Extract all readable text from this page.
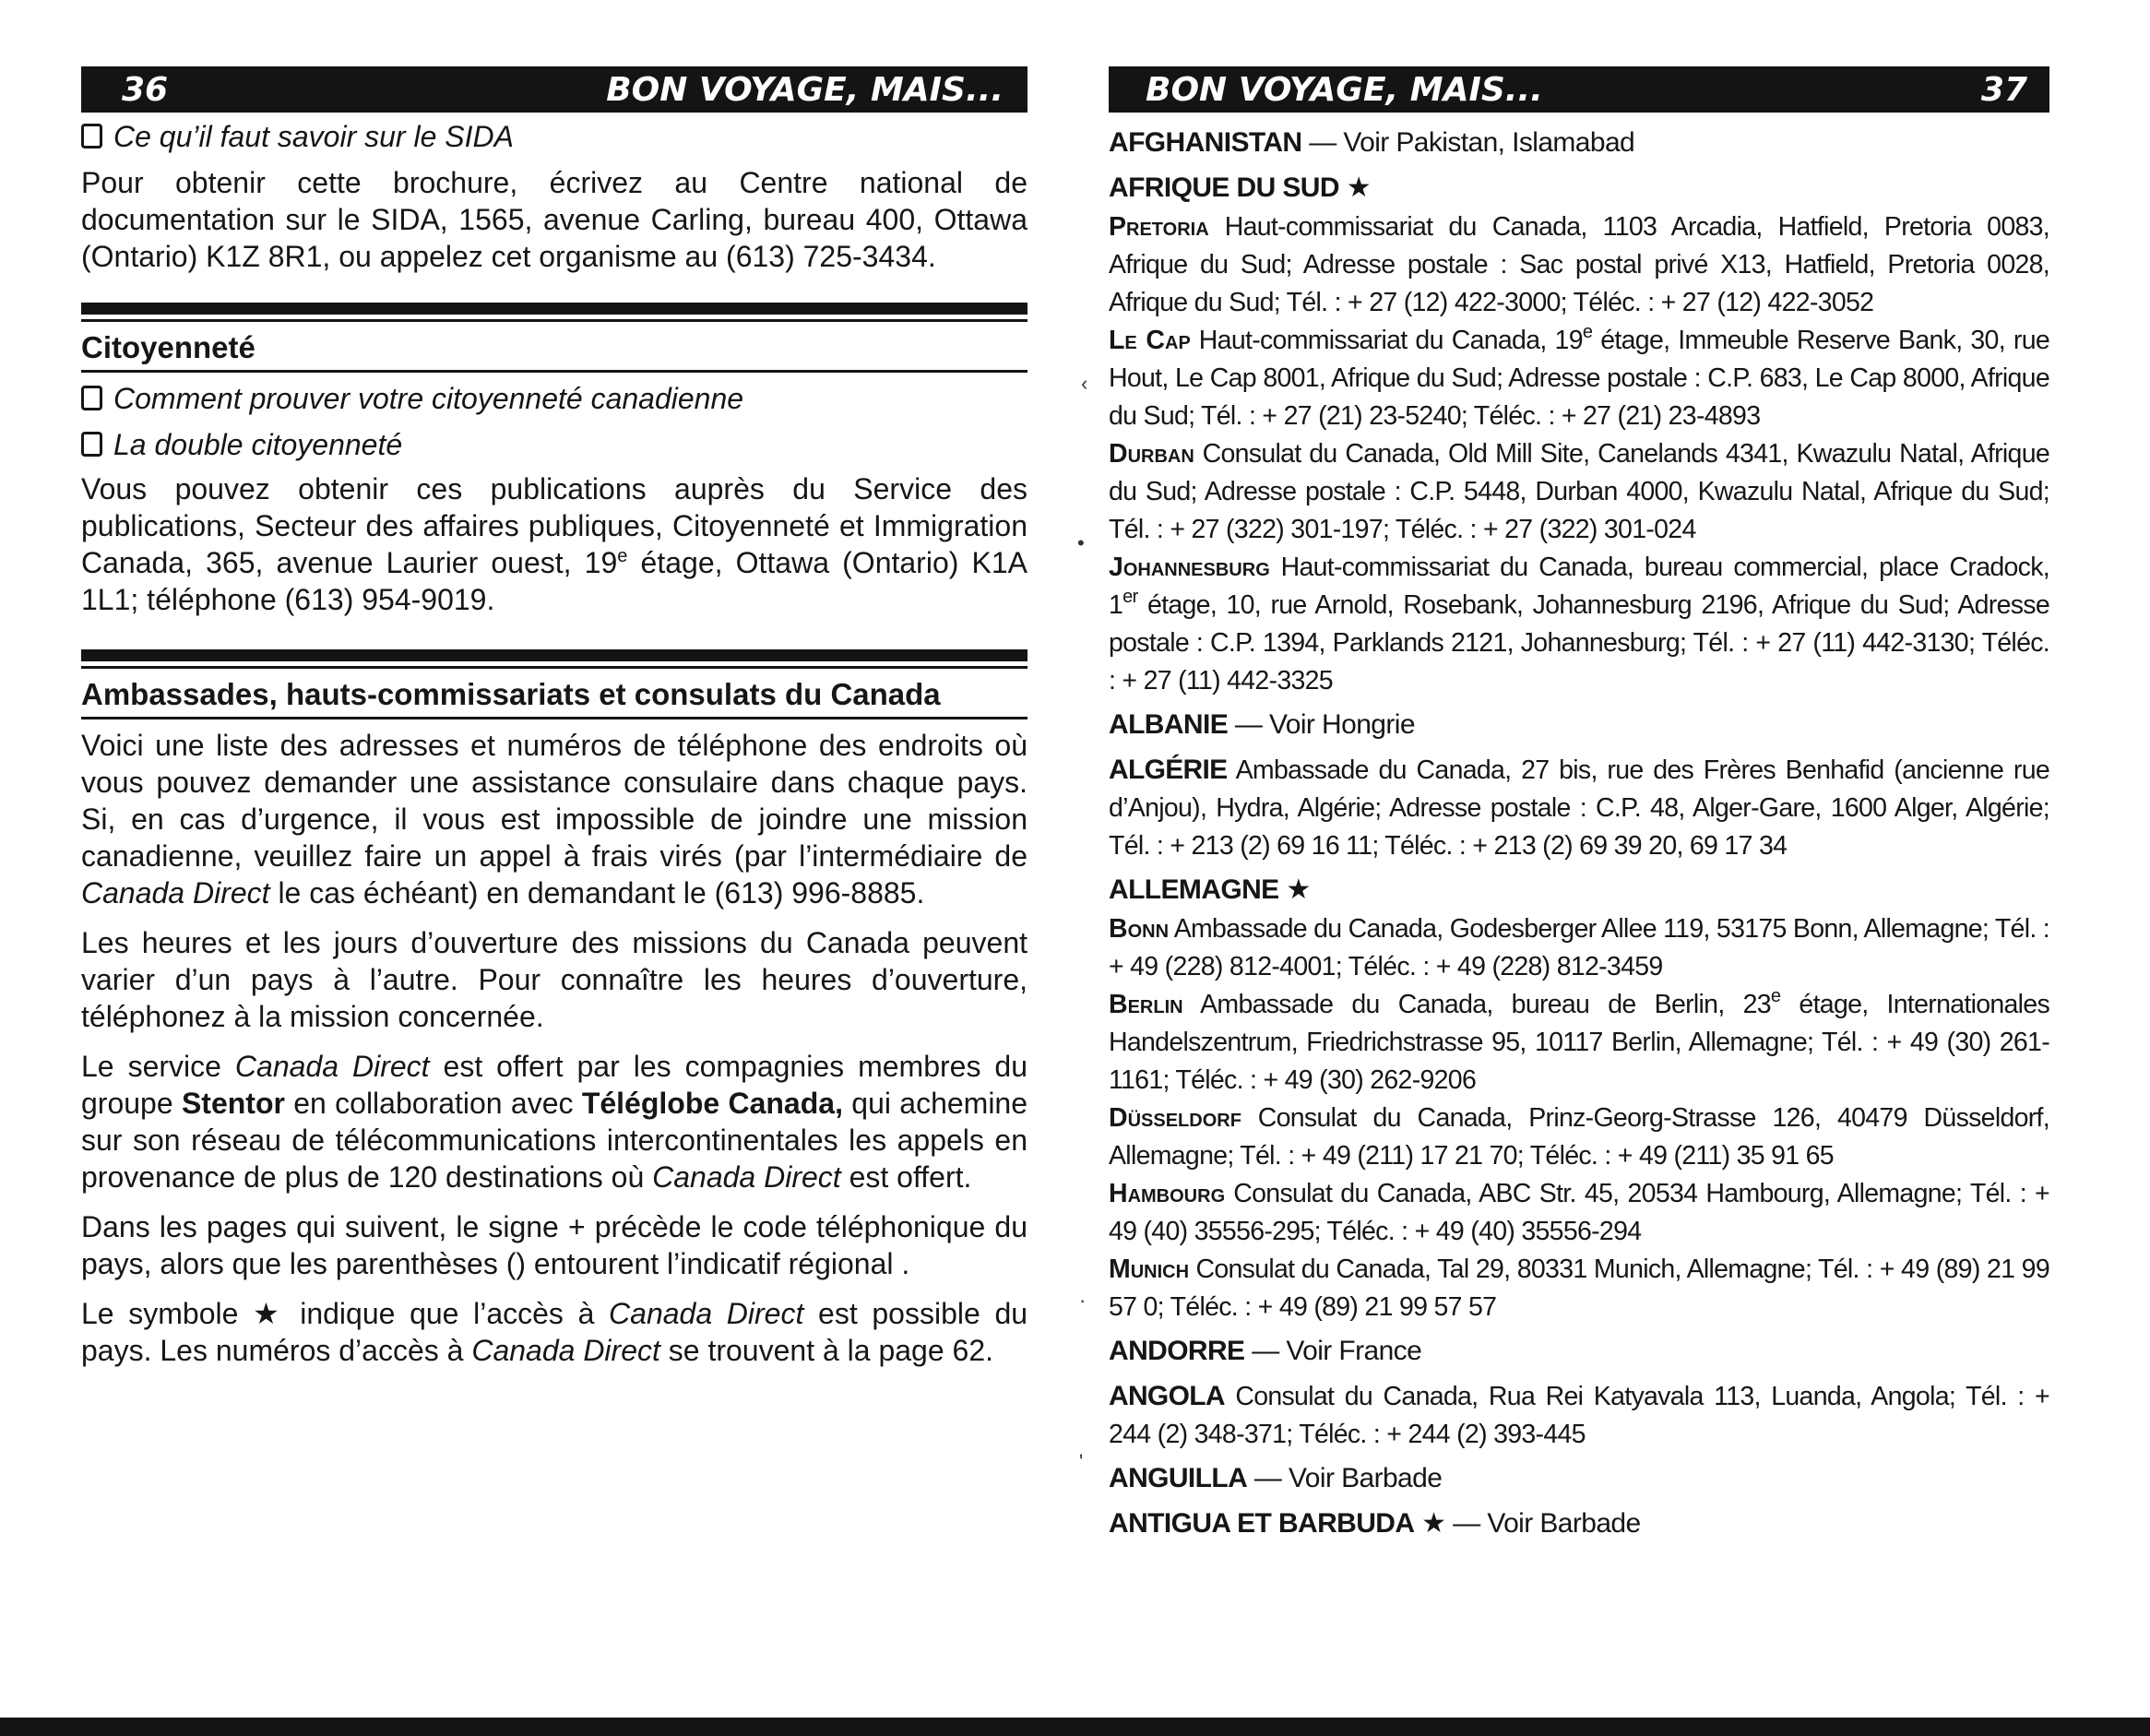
36	BON VOYAGE, MAIS...
Ce qu’il faut savoir sur le SIDA

Pour obtenir cette brochure, écrivez au Centre national de documentation sur le SIDA, 1565, avenue Carling, bureau 400, Ottawa (Ontario) K1Z 8R1, ou appelez cet organisme au (613) 725-3434.

Citoyenneté
Comment prouver votre citoyenneté canadienne
La double citoyenneté

Vous pouvez obtenir ces publications auprès du Service des publications, Secteur des affaires publiques, Citoyenneté et Immigration Canada, 365, avenue Laurier ouest, 19e étage, Ottawa (Ontario) K1A 1L1; téléphone (613) 954-9019.

Ambassades, hauts-commissariats et consulats du Canada

Voici une liste des adresses et numéros de téléphone des endroits où vous pouvez demander une assistance consulaire dans chaque pays. Si, en cas d’urgence, il vous est impossible de joindre une mission canadienne, veuillez faire un appel à frais virés (par l’intermédiaire de Canada Direct le cas échéant) en demandant le (613) 996-8885.

Les heures et les jours d’ouverture des missions du Canada peuvent varier d’un pays à l’autre. Pour connaître les heures d’ouverture, téléphonez à la mission concernée.

Le service Canada Direct est offert par les compagnies membres du groupe Stentor en collaboration avec Téléglobe Canada, qui achemine sur son réseau de télécommunications intercontinentales les appels en provenance de plus de 120 destinations où Canada Direct est offert.

Dans les pages qui suivent, le signe + précède le code téléphonique du pays, alors que les parenthèses () entourent l’indicatif régional .

Le symbole ★ indique que l’accès à Canada Direct est possible du pays. Les numéros d’accès à Canada Direct se trouvent à la page 62.

BON VOYAGE, MAIS...	37
AFGHANISTAN — Voir Pakistan, Islamabad
AFRIQUE DU SUD ★

Pretoria Haut-commissariat du Canada, 1103 Arcadia, Hatfield, Pretoria 0083, Afrique du Sud; Adresse postale : Sac postal privé X13, Hatfield, Pretoria 0028, Afrique du Sud; Tél. : + 27 (12) 422-3000; Téléc. : + 27 (12) 422-3052

Le Cap Haut-commissariat du Canada, 19e étage, Immeuble Reserve Bank, 30, rue Hout, Le Cap 8001, Afrique du Sud; Adresse postale : C.P. 683, Le Cap 8000, Afrique du Sud; Tél. : + 27 (21) 23-5240; Téléc. : + 27 (21) 23-4893

Durban Consulat du Canada, Old Mill Site, Canelands 4341, Kwazulu Natal, Afrique du Sud; Adresse postale : C.P. 5448, Durban 4000, Kwazulu Natal, Afrique du Sud; Tél. : + 27 (322) 301-197; Téléc. : + 27 (322) 301-024

Johannesburg Haut-commissariat du Canada, bureau commercial, place Cradock, 1er étage, 10, rue Arnold, Rosebank, Johannesburg 2196, Afrique du Sud; Adresse postale : C.P. 1394, Parklands 2121, Johannesburg; Tél. : + 27 (11) 442-3130; Téléc. : + 27 (11) 442-3325

ALBANIE — Voir Hongrie

ALGÉRIE Ambassade du Canada, 27 bis, rue des Frères Benhafid (ancienne rue d’Anjou), Hydra, Algérie; Adresse postale : C.P. 48, Alger-Gare, 1600 Alger, Algérie; Tél. : + 213 (2) 69 16 11; Téléc. : + 213 (2) 69 39 20, 69 17 34

ALLEMAGNE ★

Bonn Ambassade du Canada, Godesberger Allee 119, 53175 Bonn, Allemagne; Tél. : + 49 (228) 812-4001; Téléc. : + 49 (228) 812-3459

Berlin Ambassade du Canada, bureau de Berlin, 23e étage, Internationales Handelszentrum, Friedrichstrasse 95, 10117 Berlin, Allemagne; Tél. : + 49 (30) 261-1161; Téléc. : + 49 (30) 262-9206

Düsseldorf Consulat du Canada, Prinz-Georg-Strasse 126, 40479 Düsseldorf, Allemagne; Tél. : + 49 (211) 17 21 70; Téléc. : + 49 (211) 35 91 65

Hambourg Consulat du Canada, ABC Str. 45, 20534 Hambourg, Allemagne; Tél. : + 49 (40) 35556-295; Téléc. : + 49 (40) 35556-294

Munich Consulat du Canada, Tal 29, 80331 Munich, Allemagne; Tél. : + 49 (89) 21 99 57 0; Téléc. : + 49 (89) 21 99 57 57

ANDORRE — Voir France

ANGOLA Consulat du Canada, Rua Rei Katyavala 113, Luanda, Angola; Tél. : + 244 (2) 348-371; Téléc. : + 244 (2) 393-445

ANGUILLA — Voir Barbade
ANTIGUA ET BARBUDA ★ — Voir Barbade
‹
•
·
'
